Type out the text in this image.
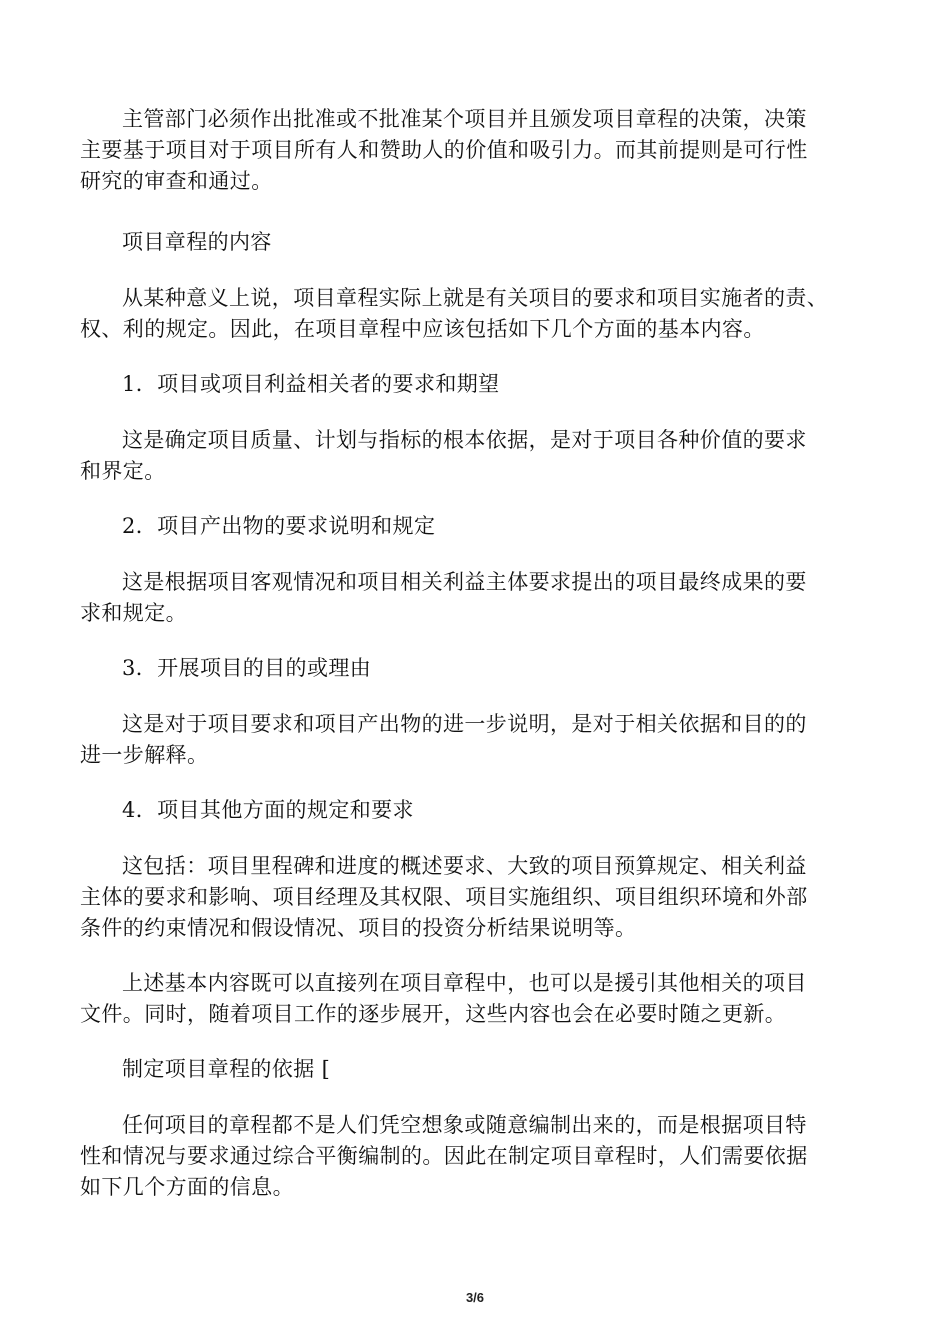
主管部门必须作出批准或不批准某个项目并且颁发项目章程的决策，决策
主要基于项目对于项目所有人和赞助人的价值和吸引力。而其前提则是可行性
研究的审查和通过。
项目章程的内容
从某种意义上说，项目章程实际上就是有关项目的要求和项目实施者的责、
权、利的规定。因此，在项目章程中应该包括如下几个方面的基本内容。
1．项目或项目利益相关者的要求和期望
这是确定项目质量、计划与指标的根本依据，是对于项目各种价值的要求
和界定。
2．项目产出物的要求说明和规定
这是根据项目客观情况和项目相关利益主体要求提出的项目最终成果的要
求和规定。
3．开展项目的目的或理由
这是对于项目要求和项目产出物的进一步说明，是对于相关依据和目的的
进一步解释。
4．项目其他方面的规定和要求
这包括：项目里程碑和进度的概述要求、大致的项目预算规定、相关利益
主体的要求和影响、项目经理及其权限、项目实施组织、项目组织环境和外部
条件的约束情况和假设情况、项目的投资分析结果说明等。
上述基本内容既可以直接列在项目章程中，也可以是援引其他相关的项目
文件。同时，随着项目工作的逐步展开，这些内容也会在必要时随之更新。
制定项目章程的依据 [
任何项目的章程都不是人们凭空想象或随意编制出来的，而是根据项目特
性和情况与要求通过综合平衡编制的。因此在制定项目章程时，人们需要依据
如下几个方面的信息。
3/6
